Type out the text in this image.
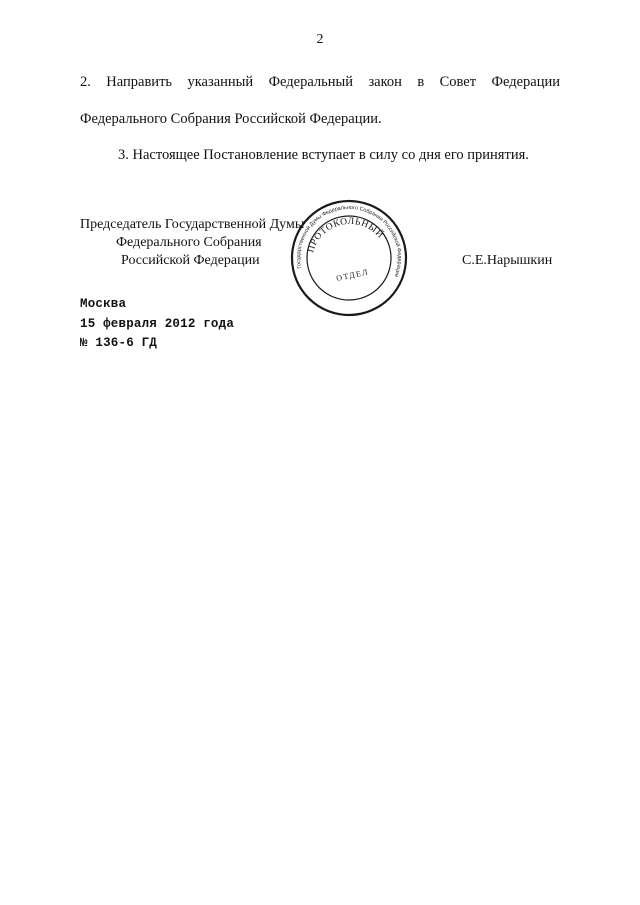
2
2. Направить указанный Федеральный закон в Совет Федерации
Федерального Собрания Российской Федерации.
3. Настоящее Постановление вступает в силу со дня его принятия.
Председатель Государственной Думы
Федерального Собрания
Российской Федерации	С.Е.Нарышкин
Государственной Думы Федерального Собрания Российской Федерации
ПРОТОКОЛЬНЫЙ
ОТДЕЛ
Москва
15 февраля 2012 года
№ 136-6 ГД
